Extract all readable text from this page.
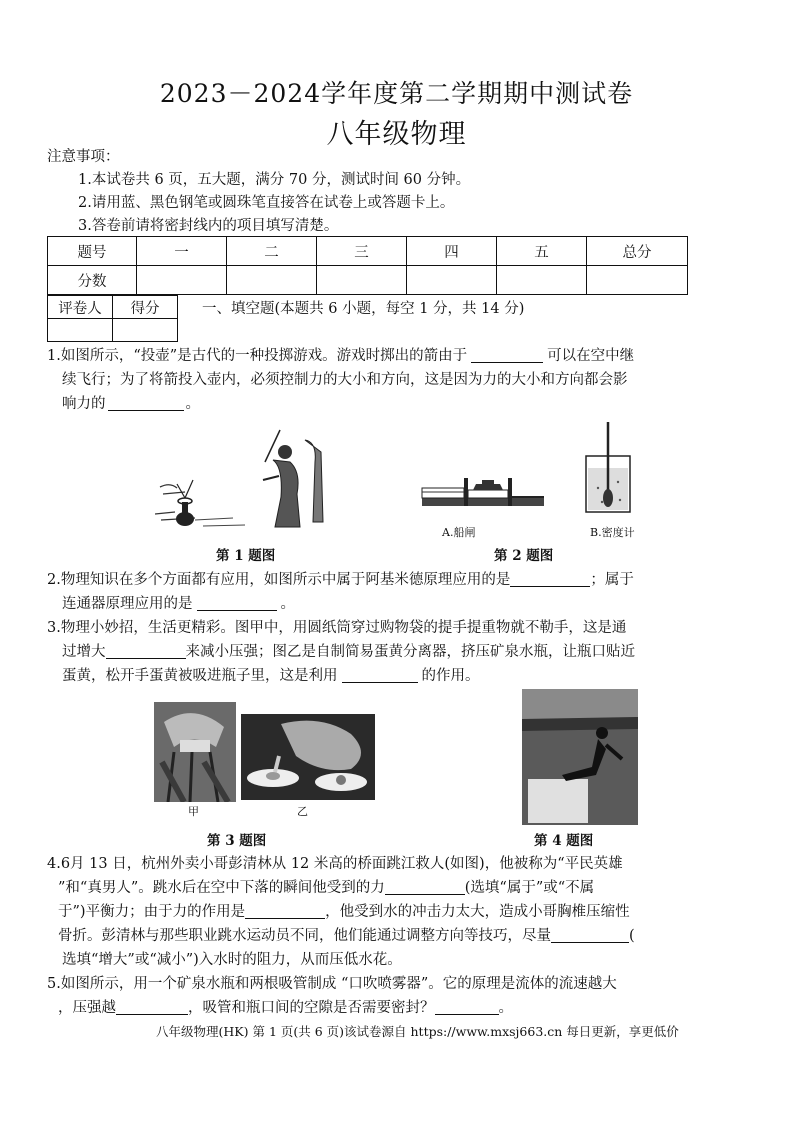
2023－2024学年度第二学期期中测试卷
八年级物理
注意事项：
1.本试卷共 6 页，五大题，满分 70 分，测试时间 60 分钟。
2.请用蓝、黑色钢笔或圆珠笔直接答在试卷上或答题卡上。
3.答卷前请将密封线内的项目填写清楚。
题号	一	二	三	四	五	总分
分数						
评卷人	得分
		一、填空题(本题共 6 小题，每空 1 分，共 14 分)
1.如图所示，“投壶”是古代的一种投掷游戏。游戏时掷出的箭由于	可以在空中继
续飞行；为了将箭投入壶内，必须控制力的大小和方向，这是因为力的大小和方向都会影
响力的	。
第 1 题图
A.船闸	B.密度计
第 2 题图
2.物理知识在多个方面都有应用，如图所示中属于阿基米德原理应用的是	；属于
连通器原理应用的是	。
3.物理小妙招，生活更精彩。图甲中，用圆纸筒穿过购物袋的提手提重物就不勒手，这是通
过增大	来减小压强；图乙是自制简易蛋黄分离器，挤压矿泉水瓶，让瓶口贴近
蛋黄，松开手蛋黄被吸进瓶子里，这是利用	的作用。
甲	乙
第 3 题图	第 4 题图
4.6月 13 日，杭州外卖小哥彭清林从 12 米高的桥面跳江救人(如图)，他被称为“平民英雄
”和“真男人”。跳水后在空中下落的瞬间他受到的力	(选填“属于”或“不属
于”)平衡力；由于力的作用是	，他受到水的冲击力太大，造成小哥胸椎压缩性
骨折。彭清林与那些职业跳水运动员不同，他们能通过调整方向等技巧，尽量	(
选填“增大”或“减小”)入水时的阻力，从而压低水花。
5.如图所示，用一个矿泉水瓶和两根吸管制成 “口吹喷雾器”。它的原理是流体的流速越大
，压强越	，吸管和瓶口间的空隙是否需要密封？	。
八年级物理(HK) 第 1 页(共 6 页)该试卷源自 https://www.mxsj663.cn 每日更新，享更低价
